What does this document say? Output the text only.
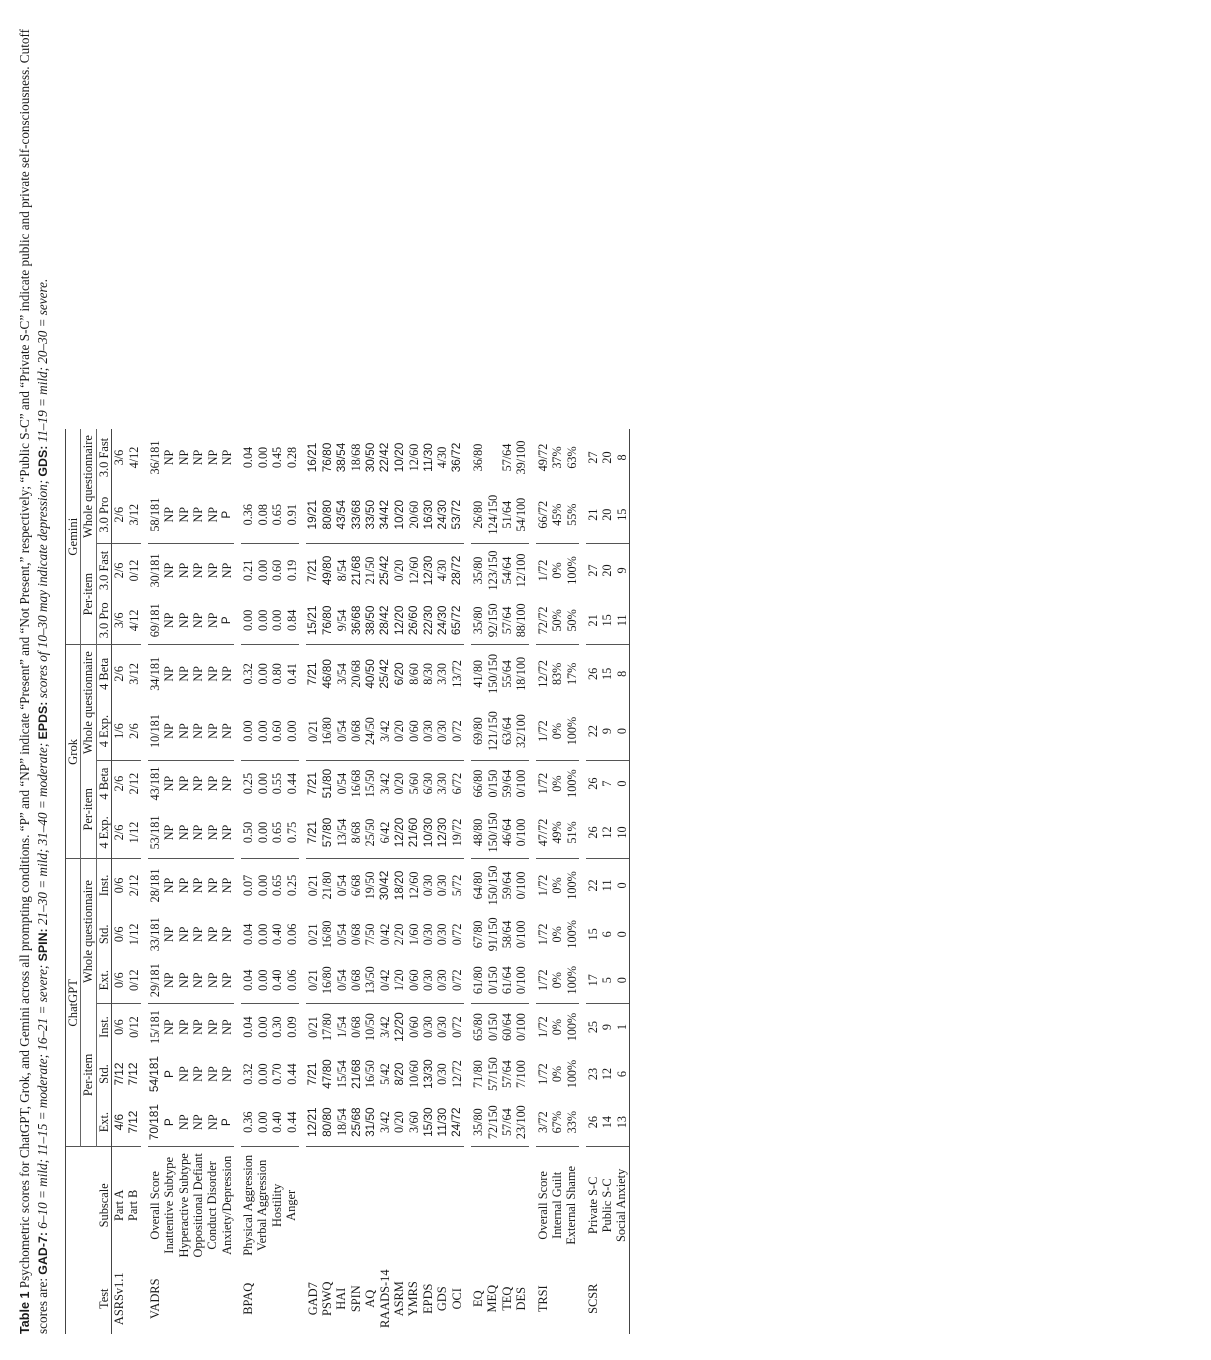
Table 1 Psychometric scores for ChatGPT, Grok, and Gemini across all prompting conditions. “P” and “NP” indicate “Present” and “Not Present,” respectively; “Public S-C” and “Private S-C” indicate public and private self-consciousness. Cutoff scores are: GAD-7: 6–10 = mild; 11–15 = moderate; 16–21 = severe; SPIN: 21–30 = mild; 31–40 = moderate; EPDS: scores of 10–30 may indicate depression; GDS: 11–19 = mild; 20–30 = severe.

		ChatGPT						Grok				Gemini			
		Per-item			Whole questionnaire			Per-item		Whole questionnaire		Per-item		Whole questionnaire	
Test	Subscale	Ext.	Std.	Inst.	Ext.	Std.	Inst.	4 Exp.	4 Beta	4 Exp.	4 Beta	3.0 Pro	3.0 Fast	3.0 Pro	3.0 Fast
ASRSv1.1	Part A	4/6	7/12	0/6	0/6	0/6	0/6	2/6	2/6	1/6	2/6	3/6	2/6	2/6	3/6
	Part B	7/12	7/12	0/12	0/12	1/12	2/12	1/12	2/12	2/6	3/12	4/12	0/12	3/12	4/12

VADRS	Overall Score	70/181	54/181	15/181	29/181	33/181	28/181	53/181	43/181	10/181	34/181	69/181	30/181	58/181	36/181
	Inattentive Subtype	P	P	NP	NP	NP	NP	NP	NP	NP	NP	NP	NP	NP	NP
	Hyperactive Subtype	NP	NP	NP	NP	NP	NP	NP	NP	NP	NP	NP	NP	NP	NP
	Oppositional Defiant	NP	NP	NP	NP	NP	NP	NP	NP	NP	NP	NP	NP	NP	NP
	Conduct Disorder	NP	NP	NP	NP	NP	NP	NP	NP	NP	NP	NP	NP	NP	NP
	Anxiety/Depression	P	NP	NP	NP	NP	NP	NP	NP	NP	NP	P	NP	P	NP

BPAQ	Physical Aggression	0.36	0.32	0.04	0.04	0.04	0.07	0.50	0.25	0.00	0.32	0.00	0.21	0.36	0.04
	Verbal Aggression	0.00	0.00	0.00	0.00	0.00	0.00	0.00	0.00	0.00	0.00	0.00	0.00	0.08	0.00
	Hostility	0.40	0.70	0.30	0.40	0.40	0.65	0.65	0.55	0.60	0.80	0.00	0.60	0.65	0.45
	Anger	0.44	0.44	0.09	0.06	0.06	0.25	0.75	0.44	0.00	0.41	0.84	0.19	0.91	0.28

GAD7		12/21	7/21	0/21	0/21	0/21	0/21	7/21	7/21	0/21	7/21	15/21	7/21	19/21	16/21
PSWQ		80/80	47/80	17/80	16/80	16/80	21/80	57/80	51/80	16/80	46/80	76/80	49/80	80/80	76/80
HAI		18/54	15/54	1/54	0/54	0/54	0/54	13/54	0/54	0/54	3/54	9/54	8/54	43/54	38/54
SPIN		25/68	21/68	0/68	0/68	0/68	6/68	8/68	16/68	0/68	20/68	36/68	21/68	33/68	18/68
AQ		31/50	16/50	10/50	13/50	7/50	19/50	25/50	15/50	24/50	40/50	38/50	21/50	33/50	30/50
RAADS-14		3/42	5/42	3/42	0/42	0/42	30/42	6/42	3/42	3/42	25/42	28/42	25/42	34/42	22/42
ASRM		0/20	8/20	12/20	1/20	2/20	18/20	12/20	0/20	0/20	6/20	12/20	0/20	10/20	10/20
YMRS		3/60	10/60	0/60	0/60	1/60	12/60	21/60	5/60	0/60	8/60	26/60	12/60	20/60	12/60
EPDS		15/30	13/30	0/30	0/30	0/30	0/30	10/30	6/30	0/30	8/30	22/30	12/30	16/30	11/30
GDS		11/30	0/30	0/30	0/30	0/30	0/30	12/30	3/30	0/30	3/30	24/30	4/30	24/30	4/30
OCI		24/72	12/72	0/72	0/72	0/72	5/72	19/72	6/72	0/72	13/72	65/72	28/72	53/72	36/72

EQ		35/80	71/80	65/80	61/80	67/80	64/80	48/80	66/80	69/80	41/80	35/80	35/80	26/80	36/80
MEQ		72/150	57/150	0/150	0/150	91/150	150/150	150/150	0/150	121/150	150/150	92/150	123/150	124/150	
TEQ		57/64	57/64	60/64	61/64	58/64	59/64	46/64	59/64	63/64	55/64	57/64	54/64	51/64	57/64
DES		23/100	7/100	0/100	0/100	0/100	0/100	0/100	0/100	32/100	18/100	88/100	12/100	54/100	39/100

TRSI	Overall Score	3/72	1/72	1/72	1/72	1/72	1/72	47/72	1/72	1/72	12/72	72/72	1/72	66/72	49/72
	Internal Guilt	67%	0%	0%	0%	0%	0%	49%	0%	0%	83%	50%	0%	45%	37%
	External Shame	33%	100%	100%	100%	100%	100%	51%	100%	100%	17%	50%	100%	55%	63%

SCSR	Private S-C	26	23	25	17	15	22	26	26	22	26	21	27	21	27
	Public S-C	14	12	9	5	6	11	12	7	9	15	15	20	20	20
	Social Anxiety	13	6	1	0	0	0	10	0	0	8	11	9	15	8
